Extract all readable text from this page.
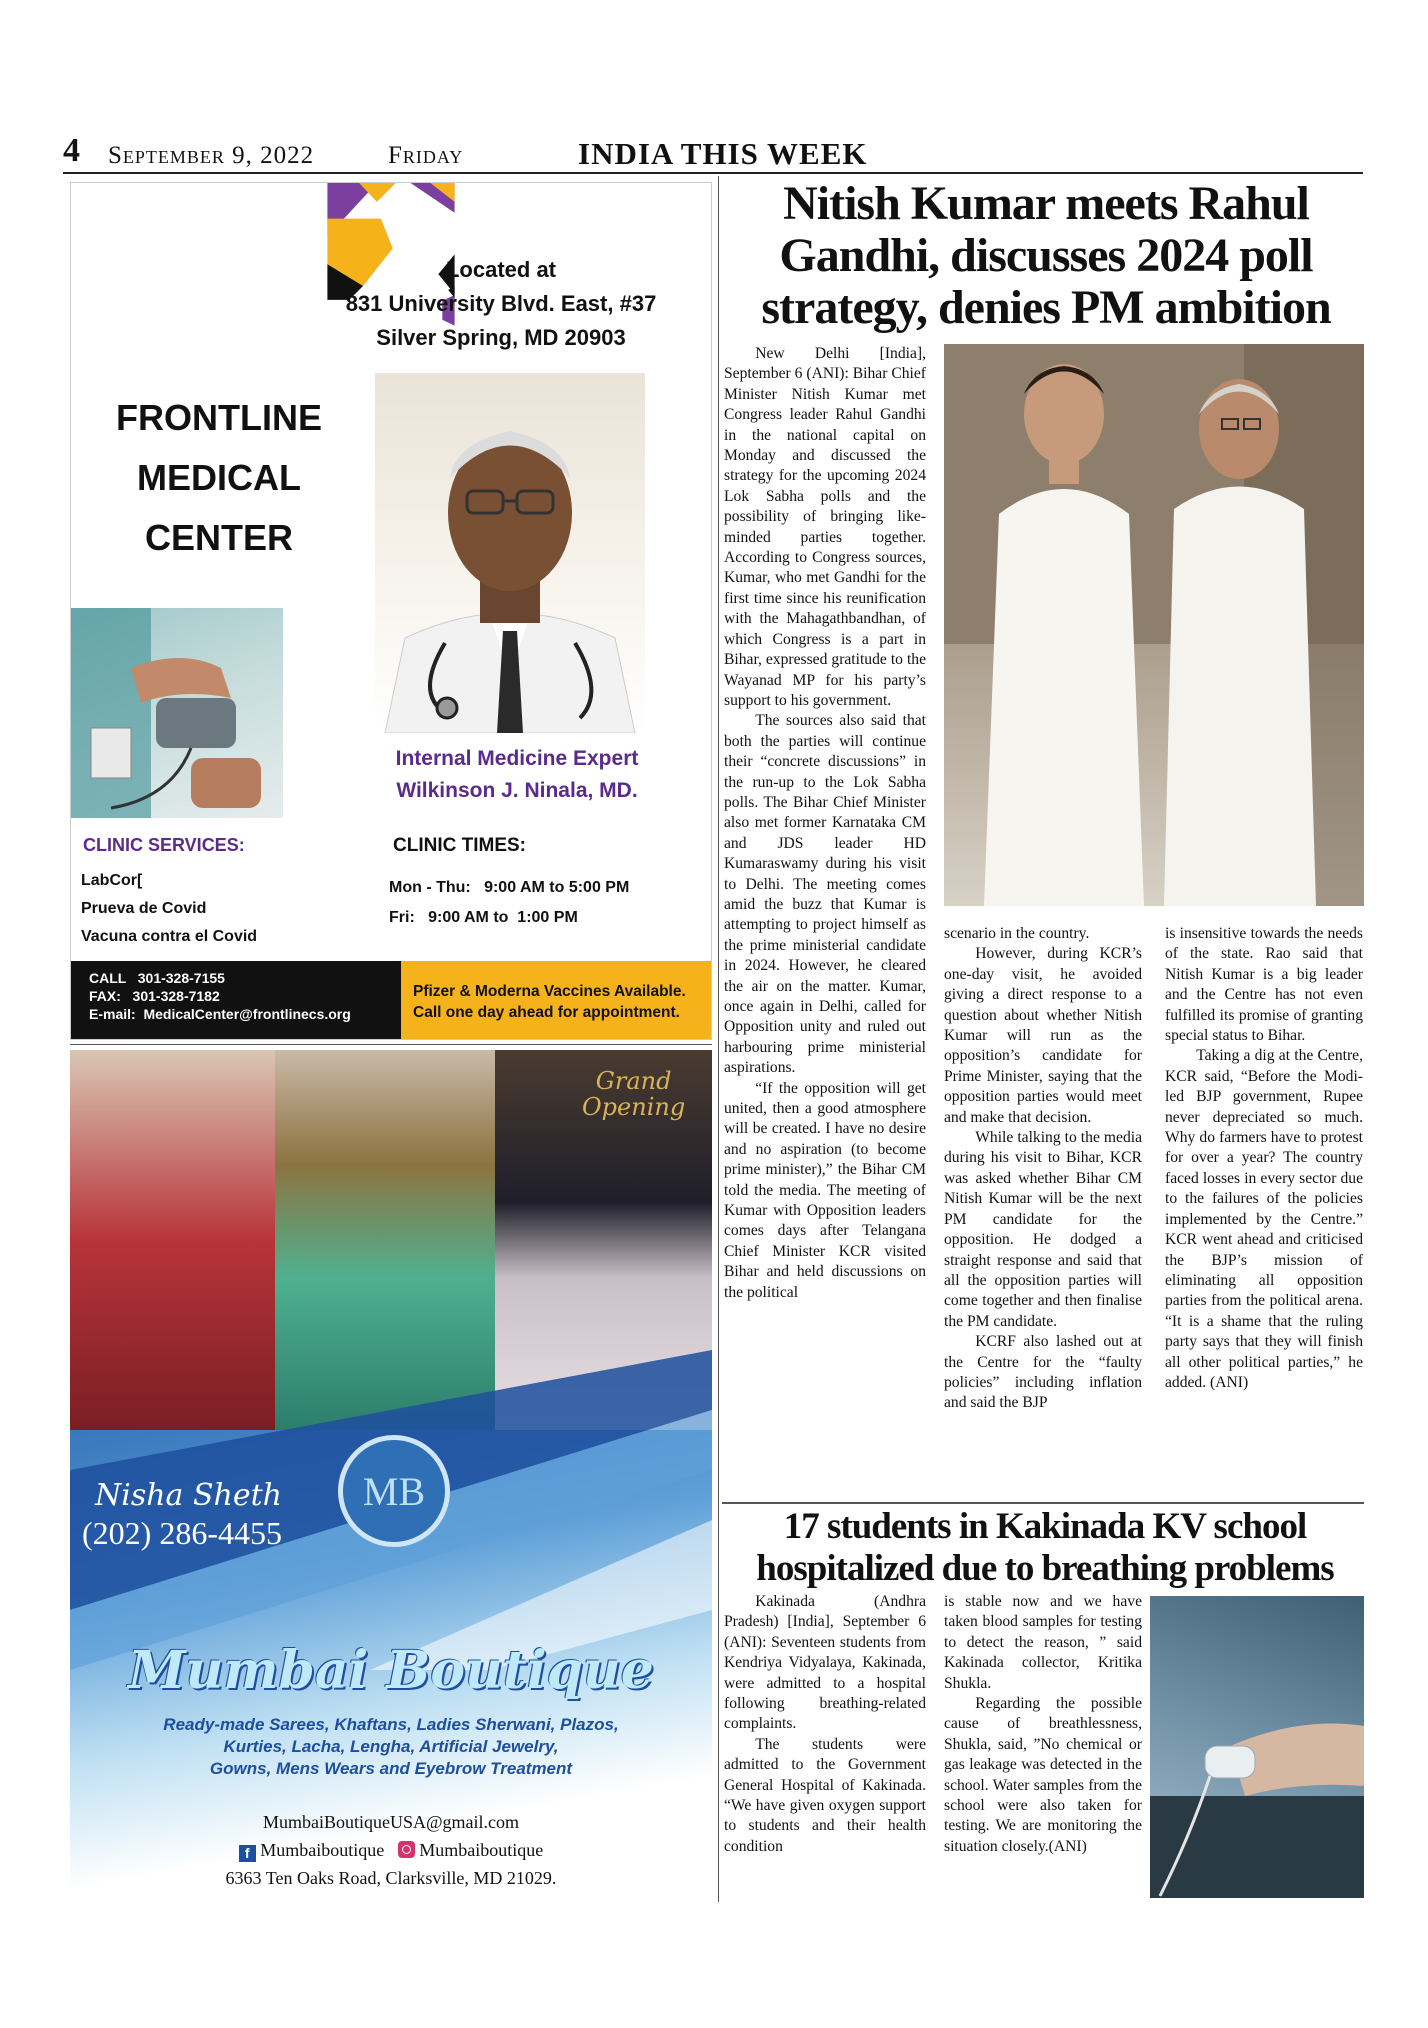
4 September 9, 2022	Friday	INDIA THIS WEEK
ANNOUNCING
FRONTLINE
MEDICAL
CENTER
Located at
831 University Blvd. East, #37
Silver Spring, MD 20903
Internal Medicine Expert
Wilkinson J. Ninala, MD.
CLINIC SERVICES:
LabCor[
Prueva de Covid
Vacuna contra el Covid
CLINIC TIMES:
Mon - Thu:   9:00 AM to 5:00 PM
Fri:   9:00 AM to  1:00 PM
CALL   301-328-7155
FAX:   301-328-7182
E-mail:  MedicalCenter@frontlinecs.org
Pfizer & Moderna Vaccines Available.
Call one day ahead for appointment.
Grand
Opening
Nisha Sheth
(202) 286-4455
MB
Mumbai Boutique
Ready-made Sarees, Khaftans, Ladies Sherwani, Plazos,
Kurties, Lacha, Lengha, Artificial Jewelry,
Gowns, Mens Wears and Eyebrow Treatment
MumbaiBoutiqueUSA@gmail.com
f Mumbaiboutique Mumbaiboutique
6363 Ten Oaks Road, Clarksville, MD 21029.
Nitish Kumar meets Rahul Gandhi, discusses 2024 poll strategy, denies PM ambition

New Delhi [India], September 6 (ANI): Bihar Chief Minister Nitish Kumar met Congress leader Rahul Gandhi in the national capital on Monday and discussed the strategy for the upcoming 2024 Lok Sabha polls and the possibility of bringing like-minded parties together. According to Congress sources, Kumar, who met Gandhi for the first time since his reunification with the Mahagathbandhan, of which Congress is a part in Bihar, expressed gratitude to the Wayanad MP for his party’s support to his government.

The sources also said that both the parties will continue their “concrete discussions” in the run-up to the Lok Sabha polls. The Bihar Chief Minister also met former Karnataka CM and JDS leader HD Kumaraswamy during his visit to Delhi. The meeting comes amid the buzz that Kumar is attempting to project himself as the prime ministerial candidate in 2024. However, he cleared the air on the matter. Kumar, once again in Delhi, called for Opposition unity and ruled out harbouring prime ministerial aspirations.

“If the opposition will get united, then a good atmosphere will be created. I have no desire and no aspiration (to become prime minister),” the Bihar CM told the media. The meeting of Kumar with Opposition leaders comes days after Telangana Chief Minister KCR visited Bihar and held discussions on the political

scenario in the country.

However, during KCR’s one-day visit, he avoided giving a direct response to a question about whether Nitish Kumar will run as the opposition’s candidate for Prime Minister, saying that the opposition parties would meet and make that decision.

While talking to the media during his visit to Bihar, KCR was asked whether Bihar CM Nitish Kumar will be the next PM candidate for the opposition. He dodged a straight response and said that all the opposition parties will come together and then finalise the PM candidate.

KCRF also lashed out at the Centre for the “faulty policies” including inflation and said the BJP

is insensitive towards the needs of the state. Rao said that Nitish Kumar is a big leader and the Centre has not even fulfilled its promise of granting special status to Bihar.

Taking a dig at the Centre, KCR said, “Before the Modi-led BJP government, Rupee never depreciated so much. Why do farmers have to protest for over a year? The country faced losses in every sector due to the failures of the policies implemented by the Centre.” KCR went ahead and criticised the BJP’s mission of eliminating all opposition parties from the political arena. “It is a shame that the ruling party says that they will finish all other political parties,” he added. (ANI)

17 students in Kakinada KV school hospitalized due to breathing problems

Kakinada (Andhra Pradesh) [India], September 6 (ANI): Seventeen students from Kendriya Vidyalaya, Kakinada, were admitted to a hospital following breathing-related complaints.

The students were admitted to the Government General Hospital of Kakinada. “We have given oxygen support to students and their health condition

is stable now and we have taken blood samples for testing to detect the reason, ” said Kakinada collector, Kritika Shukla.

Regarding the possible cause of breathlessness, Shukla, said, ”No chemical or gas leakage was detected in the school. Water samples from the school were also taken for testing. We are monitoring the situation closely.(ANI)
